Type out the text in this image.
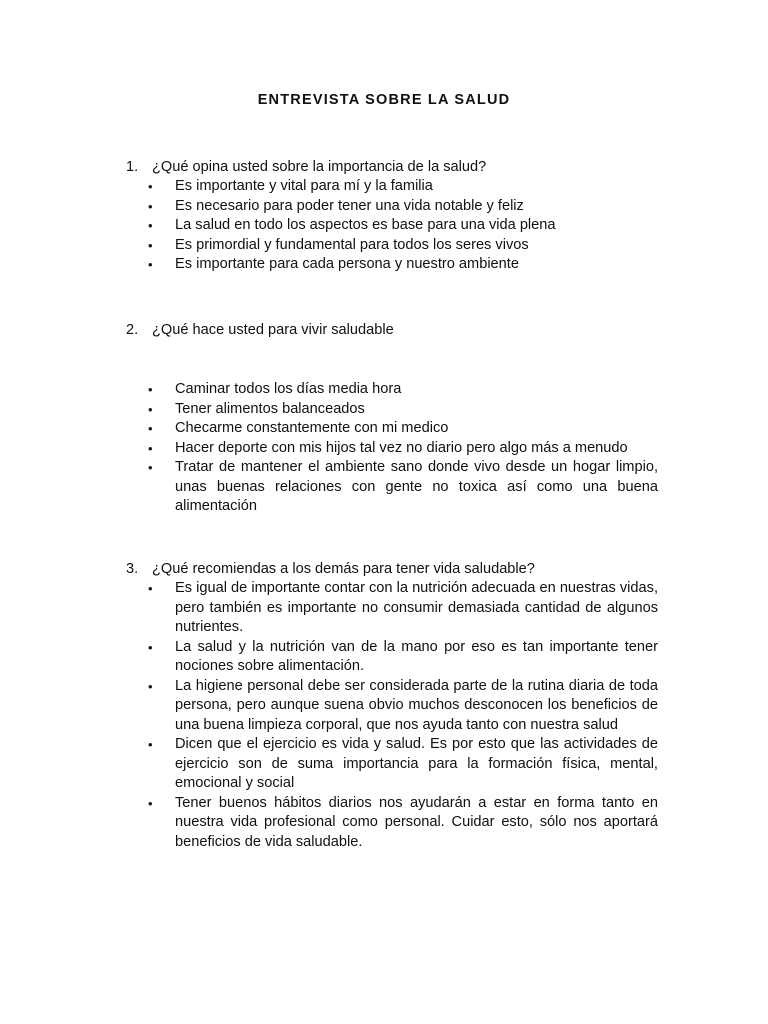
ENTREVISTA SOBRE LA SALUD
1. ¿Qué opina usted sobre la importancia de la salud?
•	Es importante y vital para mí y la familia
•	Es necesario para poder tener una vida notable y feliz
•	La salud en todo los aspectos es base para una vida plena
•	Es primordial y fundamental para todos los seres vivos
•	Es importante para cada persona y nuestro ambiente
2. ¿Qué hace usted para vivir saludable
•	Caminar todos los días media hora
•	Tener alimentos balanceados
•	Checarme constantemente con mi medico
•	Hacer deporte con mis hijos tal vez no diario pero algo más a menudo
•	Tratar de mantener el ambiente sano donde vivo desde un hogar limpio, unas buenas relaciones con gente no toxica así como una buena alimentación
3. ¿Qué recomiendas a los demás para tener vida saludable?
•	Es igual de importante contar con la nutrición adecuada en nuestras vidas, pero también es importante no consumir demasiada cantidad de algunos nutrientes.
•	La salud y la nutrición van de la mano por eso es tan importante tener nociones sobre alimentación.
•	La higiene personal debe ser considerada parte de la rutina diaria de toda persona, pero aunque suena obvio muchos desconocen los beneficios de una buena limpieza corporal, que nos ayuda tanto con nuestra salud
•	Dicen que el ejercicio es vida y salud. Es por esto que las actividades de ejercicio son de suma importancia para la formación física, mental, emocional y social
•	Tener buenos hábitos diarios nos ayudarán a estar en forma tanto en nuestra vida profesional como personal. Cuidar esto, sólo nos aportará beneficios de vida saludable.
